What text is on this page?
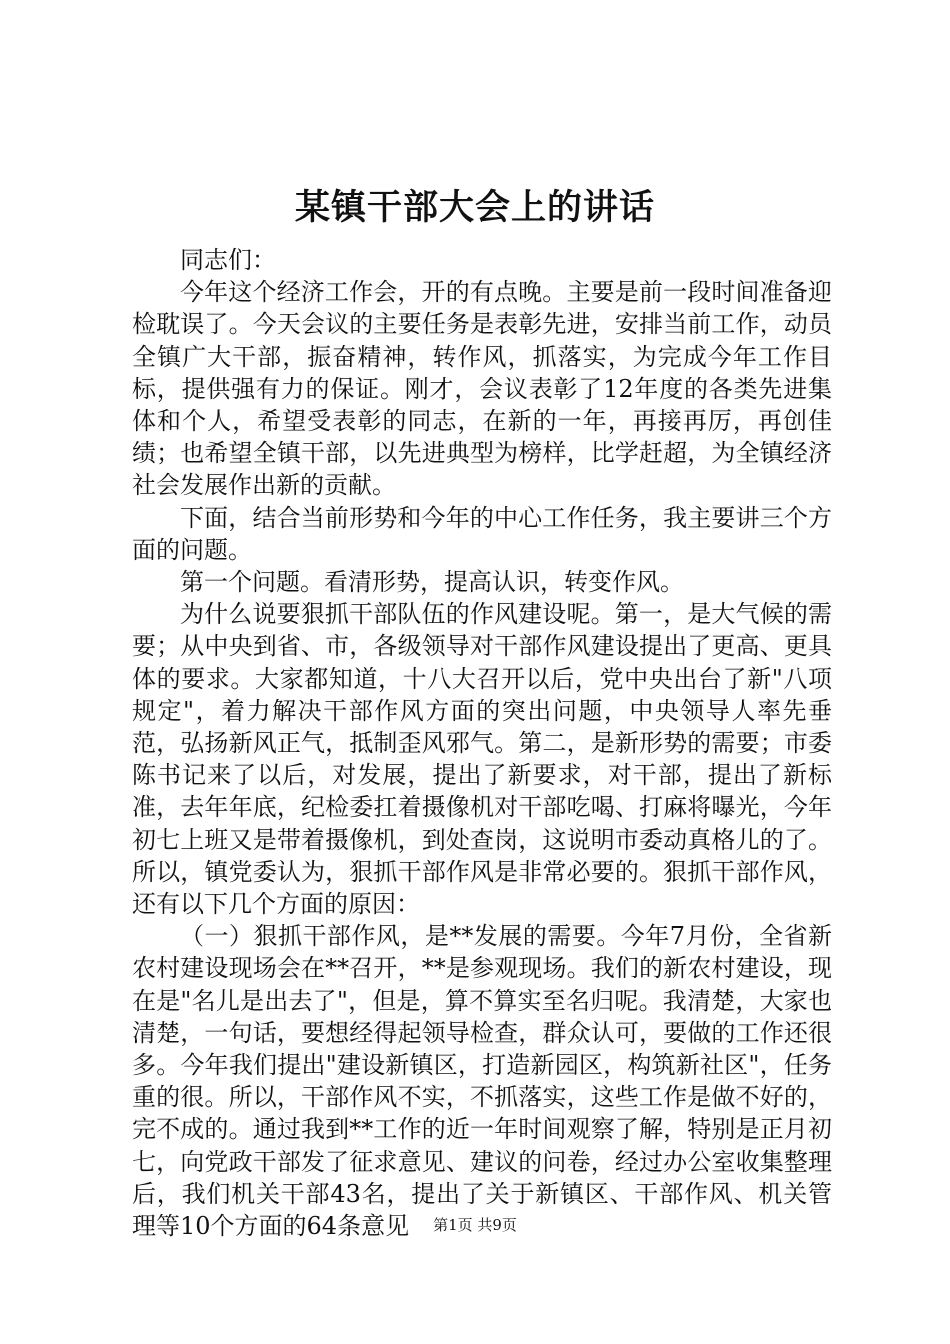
某镇干部大会上的讲话

同志们：

今年这个经济工作会，开的有点晚。主要是前一段时间准备迎检耽误了。今天会议的主要任务是表彰先进，安排当前工作，动员全镇广大干部，振奋精神，转作风，抓落实，为完成今年工作目标，提供强有力的保证。刚才，会议表彰了12年度的各类先进集体和个人，希望受表彰的同志，在新的一年，再接再厉，再创佳绩；也希望全镇干部，以先进典型为榜样，比学赶超，为全镇经济社会发展作出新的贡献。

下面，结合当前形势和今年的中心工作任务，我主要讲三个方面的问题。

第一个问题。看清形势，提高认识，转变作风。

为什么说要狠抓干部队伍的作风建设呢。第一，是大气候的需要；从中央到省、市，各级领导对干部作风建设提出了更高、更具体的要求。大家都知道，十八大召开以后，党中央出台了新"八项规定"，着力解决干部作风方面的突出问题，中央领导人率先垂范，弘扬新风正气，抵制歪风邪气。第二，是新形势的需要；市委陈书记来了以后，对发展，提出了新要求，对干部，提出了新标准，去年年底，纪检委扛着摄像机对干部吃喝、打麻将曝光，今年初七上班又是带着摄像机，到处查岗，这说明市委动真格儿的了。所以，镇党委认为，狠抓干部作风是非常必要的。狠抓干部作风，还有以下几个方面的原因：

（一）狠抓干部作风，是**发展的需要。今年7月份，全省新农村建设现场会在**召开，**是参观现场。我们的新农村建设，现在是"名儿是出去了"，但是，算不算实至名归呢。我清楚，大家也清楚，一句话，要想经得起领导检查，群众认可，要做的工作还很多。今年我们提出"建设新镇区，打造新园区，构筑新社区"，任务重的很。所以，干部作风不实，不抓落实，这些工作是做不好的，完不成的。通过我到**工作的近一年时间观察了解，特别是正月初七，向党政干部发了征求意见、建议的问卷，经过办公室收集整理后，我们机关干部43名，提出了关于新镇区、干部作风、机关管理等10个方面的64条意见	第1页 共9页
